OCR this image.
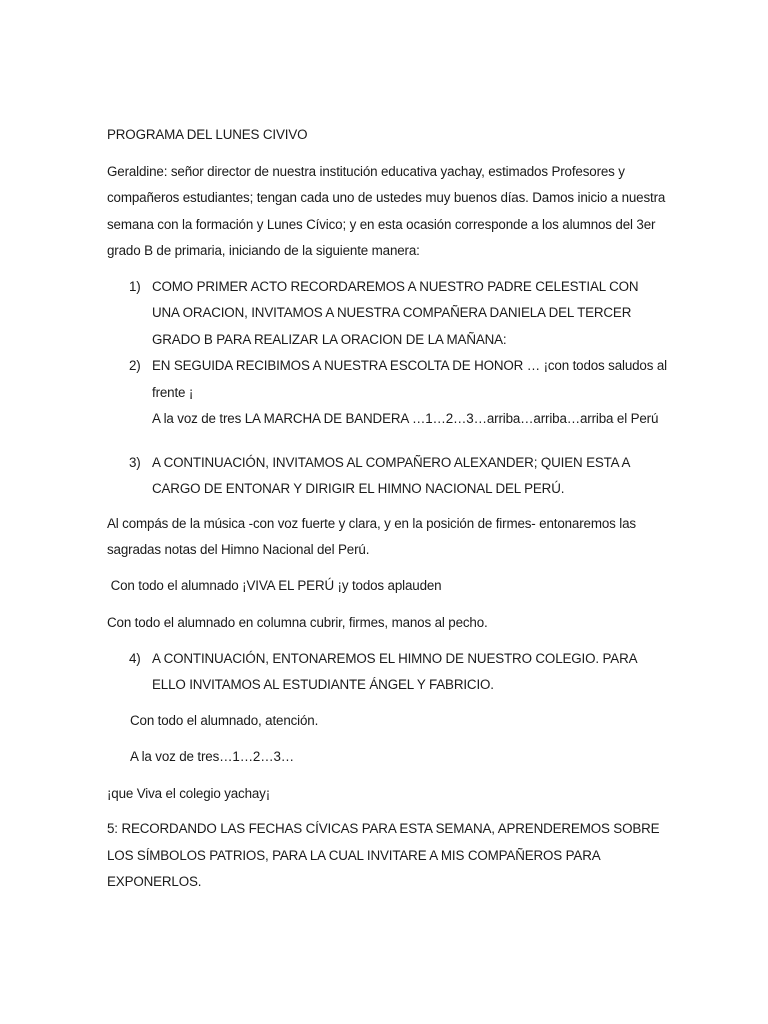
PROGRAMA DEL LUNES CIVIVO

Geraldine: señor director de nuestra institución educativa yachay, estimados Profesores y compañeros estudiantes; tengan cada uno de ustedes muy buenos días. Damos inicio a nuestra semana con la formación y Lunes Cívico; y en esta ocasión corresponde a los alumnos del 3er grado B de primaria, iniciando de la siguiente manera:

1) COMO PRIMER ACTO RECORDAREMOS A NUESTRO PADRE CELESTIAL CON UNA ORACION, INVITAMOS A NUESTRA COMPAÑERA DANIELA DEL TERCER GRADO B PARA REALIZAR LA ORACION DE LA MAÑANA:
2) EN SEGUIDA RECIBIMOS A NUESTRA ESCOLTA DE HONOR … ¡con todos saludos al frente ¡
A la voz de tres LA MARCHA DE BANDERA …1…2…3…arriba…arriba…arriba el Perú
3) A CONTINUACIÓN, INVITAMOS AL COMPAÑERO ALEXANDER; QUIEN ESTA A CARGO DE ENTONAR Y DIRIGIR EL HIMNO NACIONAL DEL PERÚ.

Al compás de la música -con voz fuerte y clara, y en la posición de firmes- entonaremos las sagradas notas del Himno Nacional del Perú.

Con todo el alumnado ¡VIVA EL PERÚ ¡y todos aplauden

Con todo el alumnado en columna cubrir, firmes, manos al pecho.

4) A CONTINUACIÓN, ENTONAREMOS EL HIMNO DE NUESTRO COLEGIO. PARA ELLO INVITAMOS AL ESTUDIANTE ÁNGEL Y FABRICIO.

Con todo el alumnado, atención.

A la voz de tres…1…2…3…

¡que Viva el colegio yachay¡

5: RECORDANDO LAS FECHAS CÍVICAS PARA ESTA SEMANA, APRENDEREMOS SOBRE LOS SÍMBOLOS PATRIOS, PARA LA CUAL INVITARE A MIS COMPAÑEROS PARA EXPONERLOS.
